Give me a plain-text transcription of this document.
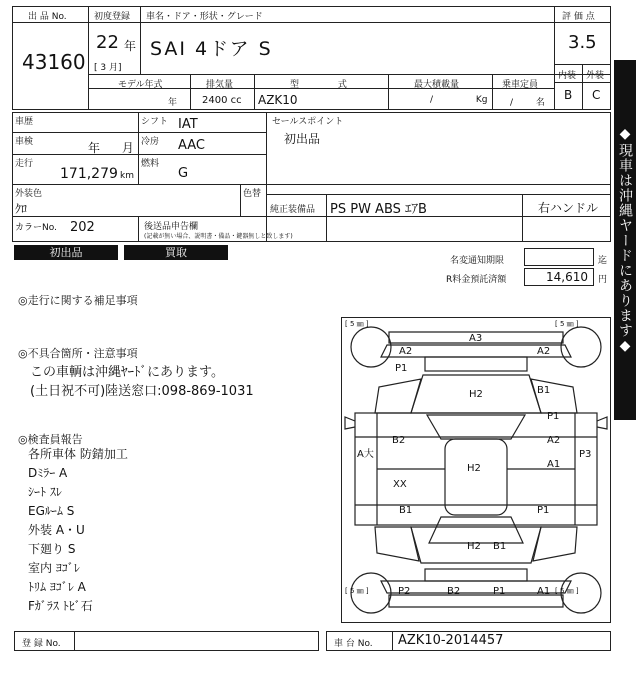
出 品 No.
43160
初度登録
22 年
[ 3 月]
車名・ドア・形状・グレード
SAI 4ドア S
評 価 点
3.5
内装 外装
B C
モデル年式
年
排気量
2400 cc
型 式
AZK10
最大積載量
/ Kg
乗車定員
/ 名
車歴
車検	年 月
走行
171,279 km
シフト IAT
冷房 AAC
燃料
G
セールスポイント
初出品
外装色
ｸﾛ
色替
純正装備品 PS PW ABS ｴｱB	右ハンドル
カラーNo. 202	後送品申告欄
(記載が無い場合、説明書・備品・鍵器無しと致します)
初出品	買取
名変通知期限	迄
R料金預託済額	14,610 円
◎走行に関する補足事項
◎不具合箇所・注意事項
この車輌は沖縄ﾔｰﾄﾞにあります。
(土日祝不可)陸送窓口:098-869-1031
◎検査員報告
各所車体 防錆加工
Dﾐﾗｰ A
ｼｰﾄ ｽﾚ
EGﾙｰﾑ S
外装 A・U
下廻り S
室内 ﾖｺﾞﾚ
ﾄﾘﾑ ﾖｺﾞﾚ A
Fｶﾞﾗｽ ﾄﾋﾞ石
◆現車は沖縄ヤードにあります◆
[ 5 ㎜ ]	[ 5 ㎜ ]
[ 5 ㎜ ]	[ 5 ㎜ ]
A3
A2	A2
P1
H2	B1
P1
B2	A2
A大
H2	A1
P3
XX
B1	P1
H2 B1
P2	B2	P1	A1
登 録 No.	車 台 No. AZK10-2014457
